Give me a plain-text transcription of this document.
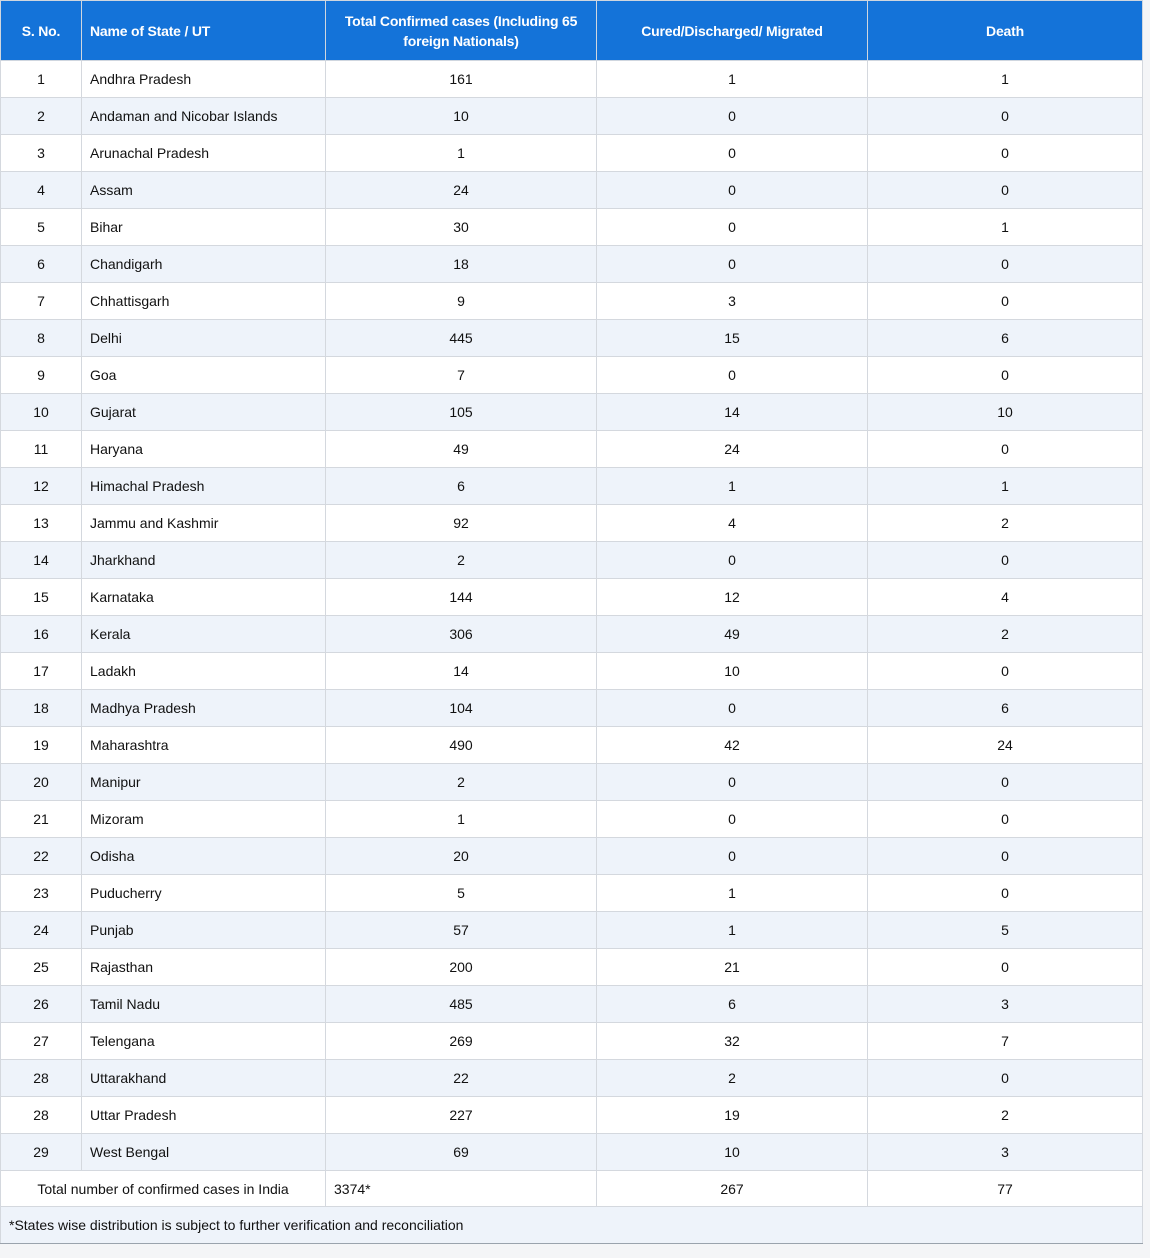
S. No.	Name of State / UT	Total Confirmed cases (Including 65 foreign Nationals)	Cured/Discharged/ Migrated	Death
1	Andhra Pradesh	161	1	1
2	Andaman and Nicobar Islands	10	0	0
3	Arunachal Pradesh	1	0	0
4	Assam	24	0	0
5	Bihar	30	0	1
6	Chandigarh	18	0	0
7	Chhattisgarh	9	3	0
8	Delhi	445	15	6
9	Goa	7	0	0
10	Gujarat	105	14	10
11	Haryana	49	24	0
12	Himachal Pradesh	6	1	1
13	Jammu and Kashmir	92	4	2
14	Jharkhand	2	0	0
15	Karnataka	144	12	4
16	Kerala	306	49	2
17	Ladakh	14	10	0
18	Madhya Pradesh	104	0	6
19	Maharashtra	490	42	24
20	Manipur	2	0	0
21	Mizoram	1	0	0
22	Odisha	20	0	0
23	Puducherry	5	1	0
24	Punjab	57	1	5
25	Rajasthan	200	21	0
26	Tamil Nadu	485	6	3
27	Telengana	269	32	7
28	Uttarakhand	22	2	0
28	Uttar Pradesh	227	19	2
29	West Bengal	69	10	3
Total number of confirmed cases in India		3374*	267	77
*States wise distribution is subject to further verification and reconciliation				
